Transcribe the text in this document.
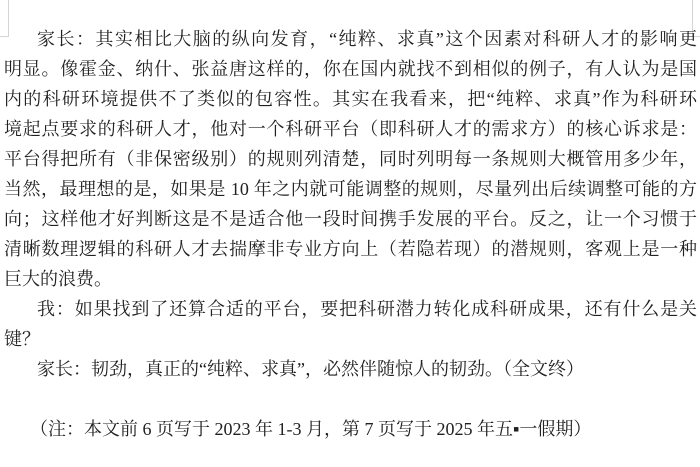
家长：其实相比大脑的纵向发育，“纯粹、求真”这个因素对科研人才的影响更
明显。像霍金、纳什、张益唐这样的，你在国内就找不到相似的例子，有人认为是国
内的科研环境提供不了类似的包容性。其实在我看来，把“纯粹、求真”作为科研环
境起点要求的科研人才，他对一个科研平台（即科研人才的需求方）的核心诉求是：
平台得把所有（非保密级别）的规则列清楚，同时列明每一条规则大概管用多少年，
当然，最理想的是，如果是 10 年之内就可能调整的规则，尽量列出后续调整可能的方
向；这样他才好判断这是不是适合他一段时间携手发展的平台。反之，让一个习惯于
清晰数理逻辑的科研人才去揣摩非专业方向上（若隐若现）的潜规则，客观上是一种
巨大的浪费。
我：如果找到了还算合适的平台，要把科研潜力转化成科研成果，还有什么是关
键？
家长：韧劲，真正的“纯粹、求真”，必然伴随惊人的韧劲。（全文终）
（注：本文前 6 页写于 2023 年 1-3 月，第 7 页写于 2025 年五▪一假期）
